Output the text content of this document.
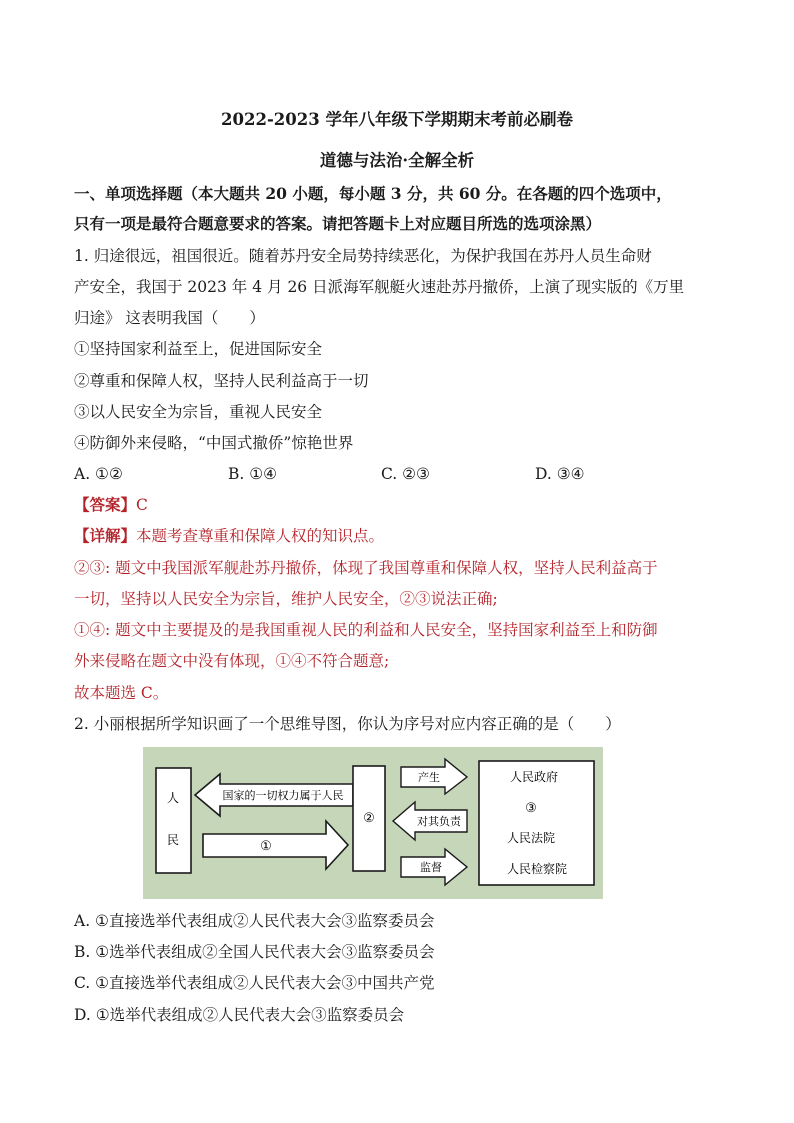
2022-2023 学年八年级下学期期末考前必刷卷
道德与法治·全解全析
一、单项选择题（本大题共 20 小题，每小题 3 分，共 60 分。在各题的四个选项中，
只有一项是最符合题意要求的答案。请把答题卡上对应题目所选的选项涂黑）
1. 归途很远，祖国很近。随着苏丹安全局势持续恶化，为保护我国在苏丹人员生命财
产安全，我国于 2023 年 4 月 26 日派海军舰艇火速赴苏丹撤侨，上演了现实版的《万里
归途》 这表明我国（　　）
①坚持国家利益至上，促进国际安全
②尊重和保障人权，坚持人民利益高于一切
③以人民安全为宗旨，重视人民安全
④防御外来侵略，“中国式撤侨”惊艳世界
A. ①②	B. ①④	C. ②③	D. ③④
【答案】C
【详解】本题考查尊重和保障人权的知识点。
②③: 题文中我国派军舰赴苏丹撤侨，体现了我国尊重和保障人权，坚持人民利益高于
一切，坚持以人民安全为宗旨，维护人民安全，②③说法正确;
①④: 题文中主要提及的是我国重视人民的利益和人民安全，坚持国家利益至上和防御
外来侵略在题文中没有体现，①④不符合题意;
故本题选 C。
2. 小丽根据所学知识画了一个思维导图，你认为序号对应内容正确的是（　　）
人
民
国家的一切权力属于人民
①
②
产生
对其负责
监督
人民政府
③
人民法院
人民检察院
A. ①直接选举代表组成②人民代表大会③监察委员会
B. ①选举代表组成②全国人民代表大会③监察委员会
C. ①直接选举代表组成②人民代表大会③中国共产党
D. ①选举代表组成②人民代表大会③监察委员会
